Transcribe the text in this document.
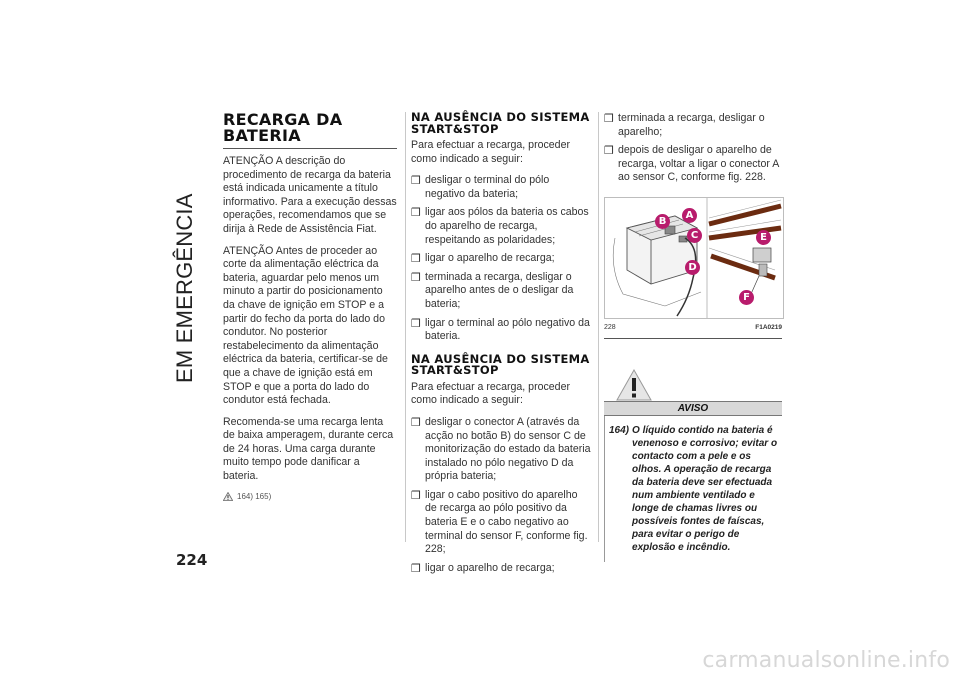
EM EMERGÊNCIA
RECARGA DA BATERIA

ATENÇÃO A descrição do procedimento de recarga da bateria está indicada unicamente a título informativo. Para a execução dessas operações, recomendamos que se dirija à Rede de Assistência Fiat.

ATENÇÃO Antes de proceder ao corte da alimentação eléctrica da bateria, aguardar pelo menos um minuto a partir do posicionamento da chave de ignição em STOP e a partir do fecho da porta do lado do condutor. No posterior restabelecimento da alimentação eléctrica da bateria, certificar-se de que a chave de ignição está em STOP e que a porta do lado do condutor está fechada.

Recomenda-se uma recarga lenta de baixa amperagem, durante cerca de 24 horas. Uma carga durante muito tempo pode danificar a bateria.

164) 165)
NA AUSÊNCIA DO SISTEMA START&STOP

Para efectuar a recarga, proceder como indicado a seguir:

❒ desligar o terminal do pólo negativo da bateria;
❒ ligar aos pólos da bateria os cabos do aparelho de recarga, respeitando as polaridades;
❒ ligar o aparelho de recarga;
❒ terminada a recarga, desligar o aparelho antes de o desligar da bateria;
❒ ligar o terminal ao pólo negativo da bateria.
NA AUSÊNCIA DO SISTEMA START&STOP

Para efectuar a recarga, proceder como indicado a seguir:

❒ desligar o conector A (através da acção no botão B) do sensor C de monitorização do estado da bateria instalado no pólo negativo D da própria bateria;
❒ ligar o cabo positivo do aparelho de recarga ao pólo positivo da bateria E e o cabo negativo ao terminal do sensor F, conforme fig. 228;
❒ ligar o aparelho de recarga;
❒ terminada a recarga, desligar o aparelho;
❒ depois de desligar o aparelho de recarga, voltar a ligar o conector A ao sensor C, conforme fig. 228.
B
A
C
D
E
F
228	F1A0219
AVISO
164) O líquido contido na bateria é venenoso e corrosivo; evitar o contacto com a pele e os olhos. A operação de recarga da bateria deve ser efectuada num ambiente ventilado e longe de chamas livres ou possíveis fontes de faíscas, para evitar o perigo de explosão e incêndio.
224
carmanualsonline.info
